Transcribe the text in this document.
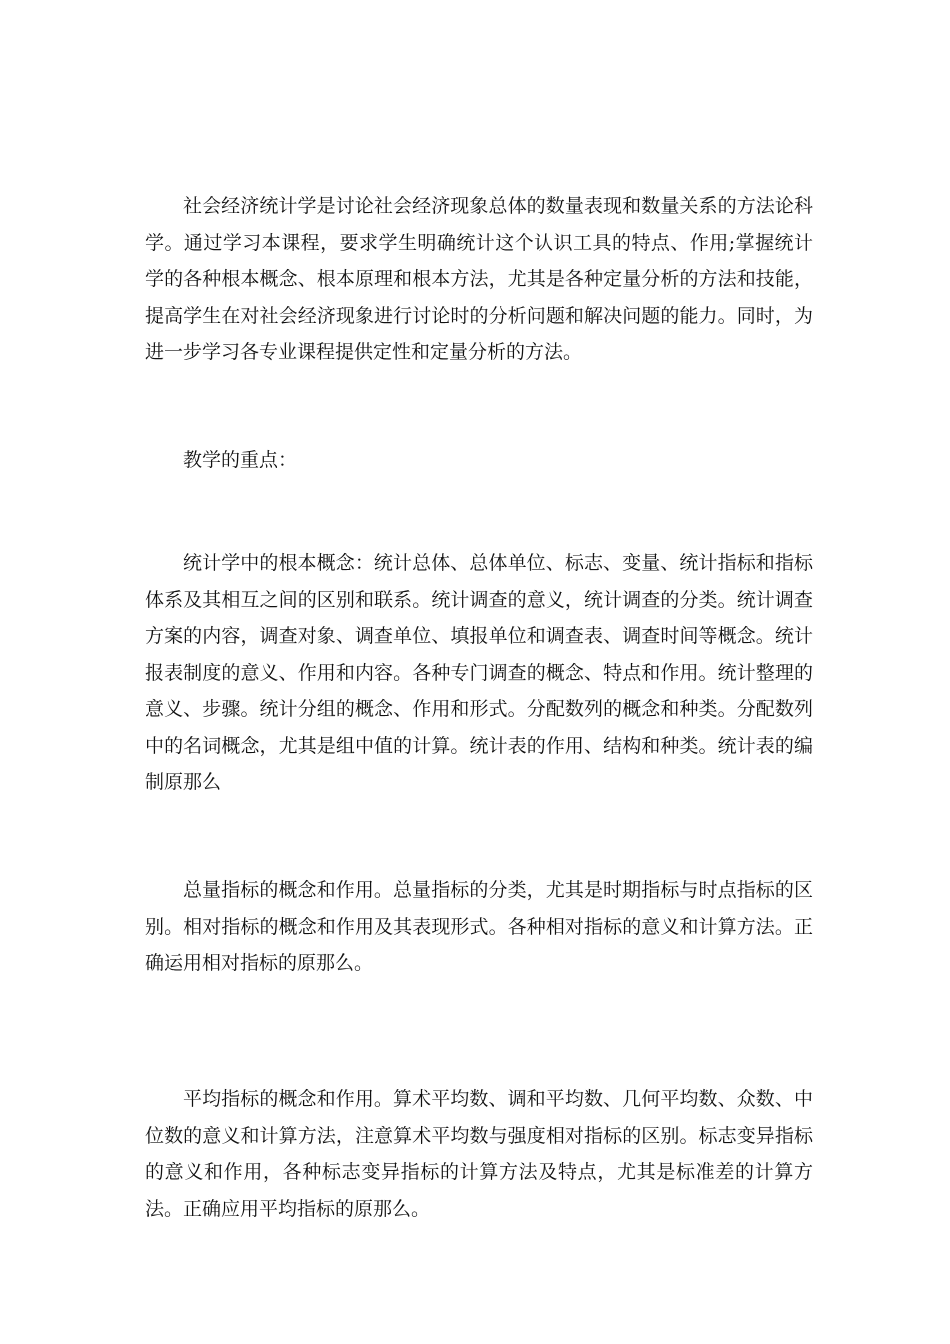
社会经济统计学是讨论社会经济现象总体的数量表现和数量关系的方法论科学。通过学习本课程，要求学生明确统计这个认识工具的特点、作用;掌握统计学的各种根本概念、根本原理和根本方法，尤其是各种定量分析的方法和技能，提高学生在对社会经济现象进行讨论时的分析问题和解决问题的能力。同时，为进一步学习各专业课程提供定性和定量分析的方法。

教学的重点：

统计学中的根本概念：统计总体、总体单位、标志、变量、统计指标和指标体系及其相互之间的区别和联系。统计调查的意义，统计调查的分类。统计调查方案的内容，调查对象、调查单位、填报单位和调查表、调查时间等概念。统计报表制度的意义、作用和内容。各种专门调查的概念、特点和作用。统计整理的意义、步骤。统计分组的概念、作用和形式。分配数列的概念和种类。分配数列中的名词概念，尤其是组中值的计算。统计表的作用、结构和种类。统计表的编制原那么

总量指标的概念和作用。总量指标的分类，尤其是时期指标与时点指标的区别。相对指标的概念和作用及其表现形式。各种相对指标的意义和计算方法。正确运用相对指标的原那么。

平均指标的概念和作用。算术平均数、调和平均数、几何平均数、众数、中位数的意义和计算方法，注意算术平均数与强度相对指标的区别。标志变异指标的意义和作用，各种标志变异指标的计算方法及特点，尤其是标准差的计算方法。正确应用平均指标的原那么。
